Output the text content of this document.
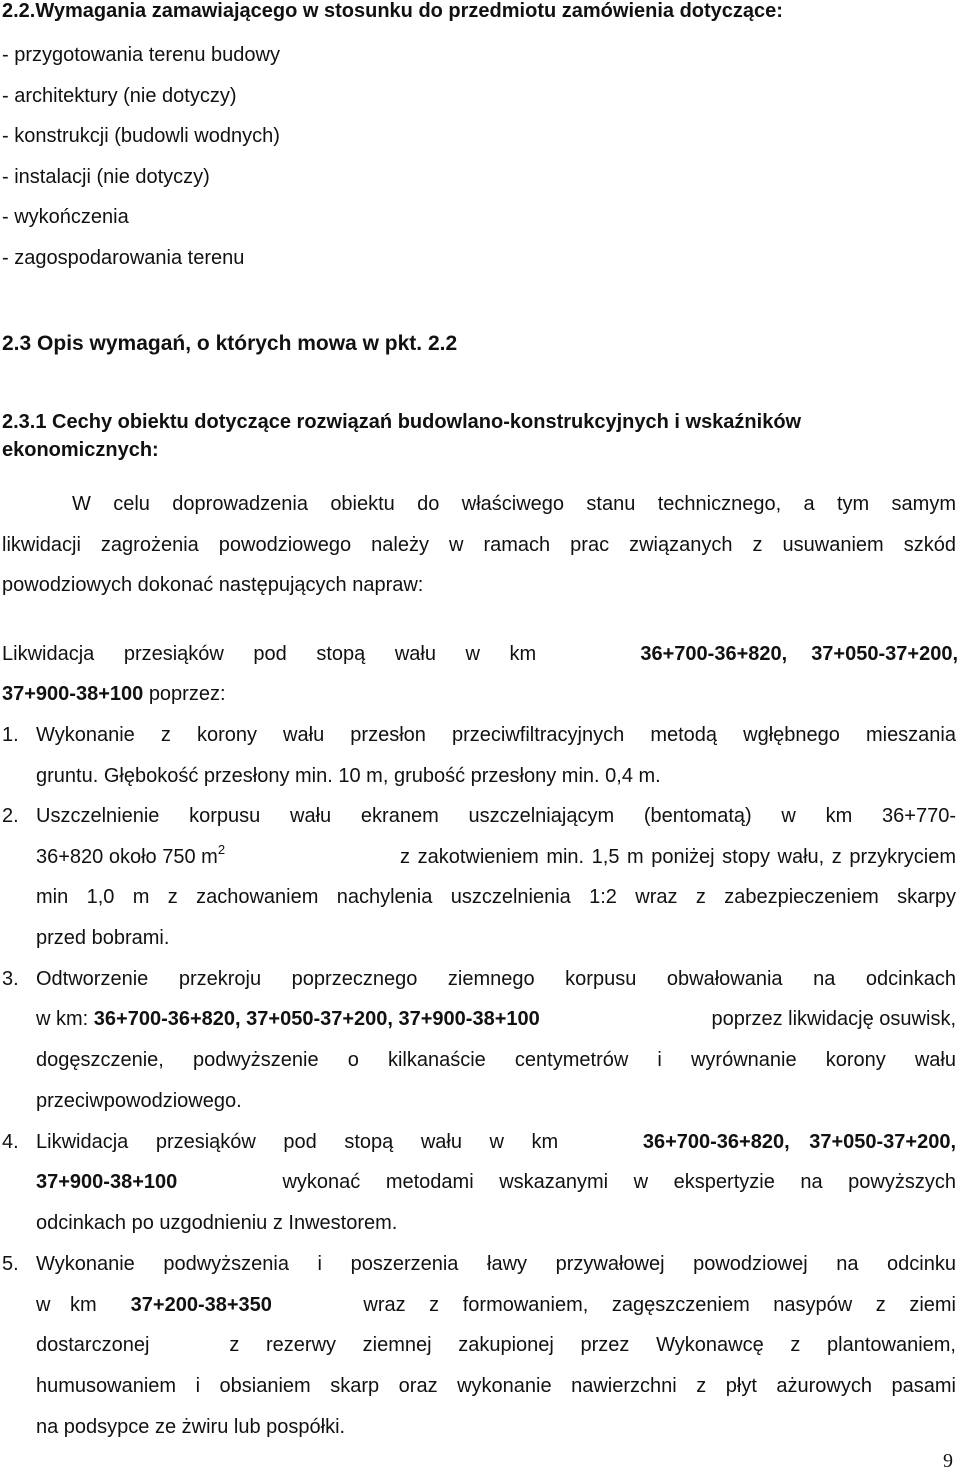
2.2.Wymagania zamawiającego w stosunku do przedmiotu zamówienia dotyczące:
- przygotowania terenu budowy
- architektury (nie dotyczy)
- konstrukcji (budowli wodnych)
- instalacji (nie dotyczy)
- wykończenia
- zagospodarowania terenu
2.3 Opis wymagań, o których mowa w pkt. 2.2
2.3.1 Cechy obiektu dotyczące rozwiązań budowlano-konstrukcyjnych i wskaźników
ekonomicznych:
W celu doprowadzenia obiektu do właściwego stanu technicznego, a tym samym
likwidacji zagrożenia powodziowego należy w ramach prac związanych z usuwaniem szkód
powodziowych dokonać następujących napraw:
Likwidacja przesiąków pod stopą wału w km	36+700-36+820, 37+050-37+200,
37+900-38+100 poprzez:
1. Wykonanie z korony wału przesłon przeciwfiltracyjnych metodą wgłębnego mieszania
gruntu. Głębokość przesłony min. 10 m, grubość przesłony min. 0,4 m.
2. Uszczelnienie korpusu wału ekranem uszczelniającym (bentomatą) w km 36+770-
36+820 około 750 $m^2$	z zakotwieniem min. 1,5 m poniżej stopy wału, z przykryciem
min 1,0 m z zachowaniem nachylenia uszczelnienia 1:2 wraz z zabezpieczeniem skarpy
przed bobrami.
3. Odtworzenie przekroju poprzecznego ziemnego korpusu obwałowania na odcinkach
w km: 36+700-36+820, 37+050-37+200, 37+900-38+100	poprzez likwidację osuwisk,
dogęszczenie, podwyższenie o kilkanaście centymetrów i wyrównanie korony wału
przeciwpowodziowego.
4. Likwidacja przesiąków pod stopą wału w km	36+700-36+820, 37+050-37+200,
37+900-38+100	wykonać metodami wskazanymi w ekspertyzie na powyższych
odcinkach po uzgodnieniu z Inwestorem.
5. Wykonanie podwyższenia i poszerzenia ławy przywałowej powodziowej na odcinku
w km 37+200-38+350	wraz z formowaniem, zagęszczeniem nasypów z ziemi
dostarczonej   z rezerwy ziemnej zakupionej przez Wykonawcę z plantowaniem,
humusowaniem i obsianiem skarp oraz wykonanie nawierzchni z płyt ażurowych pasami
na podsypce ze żwiru lub pospółki.
9
